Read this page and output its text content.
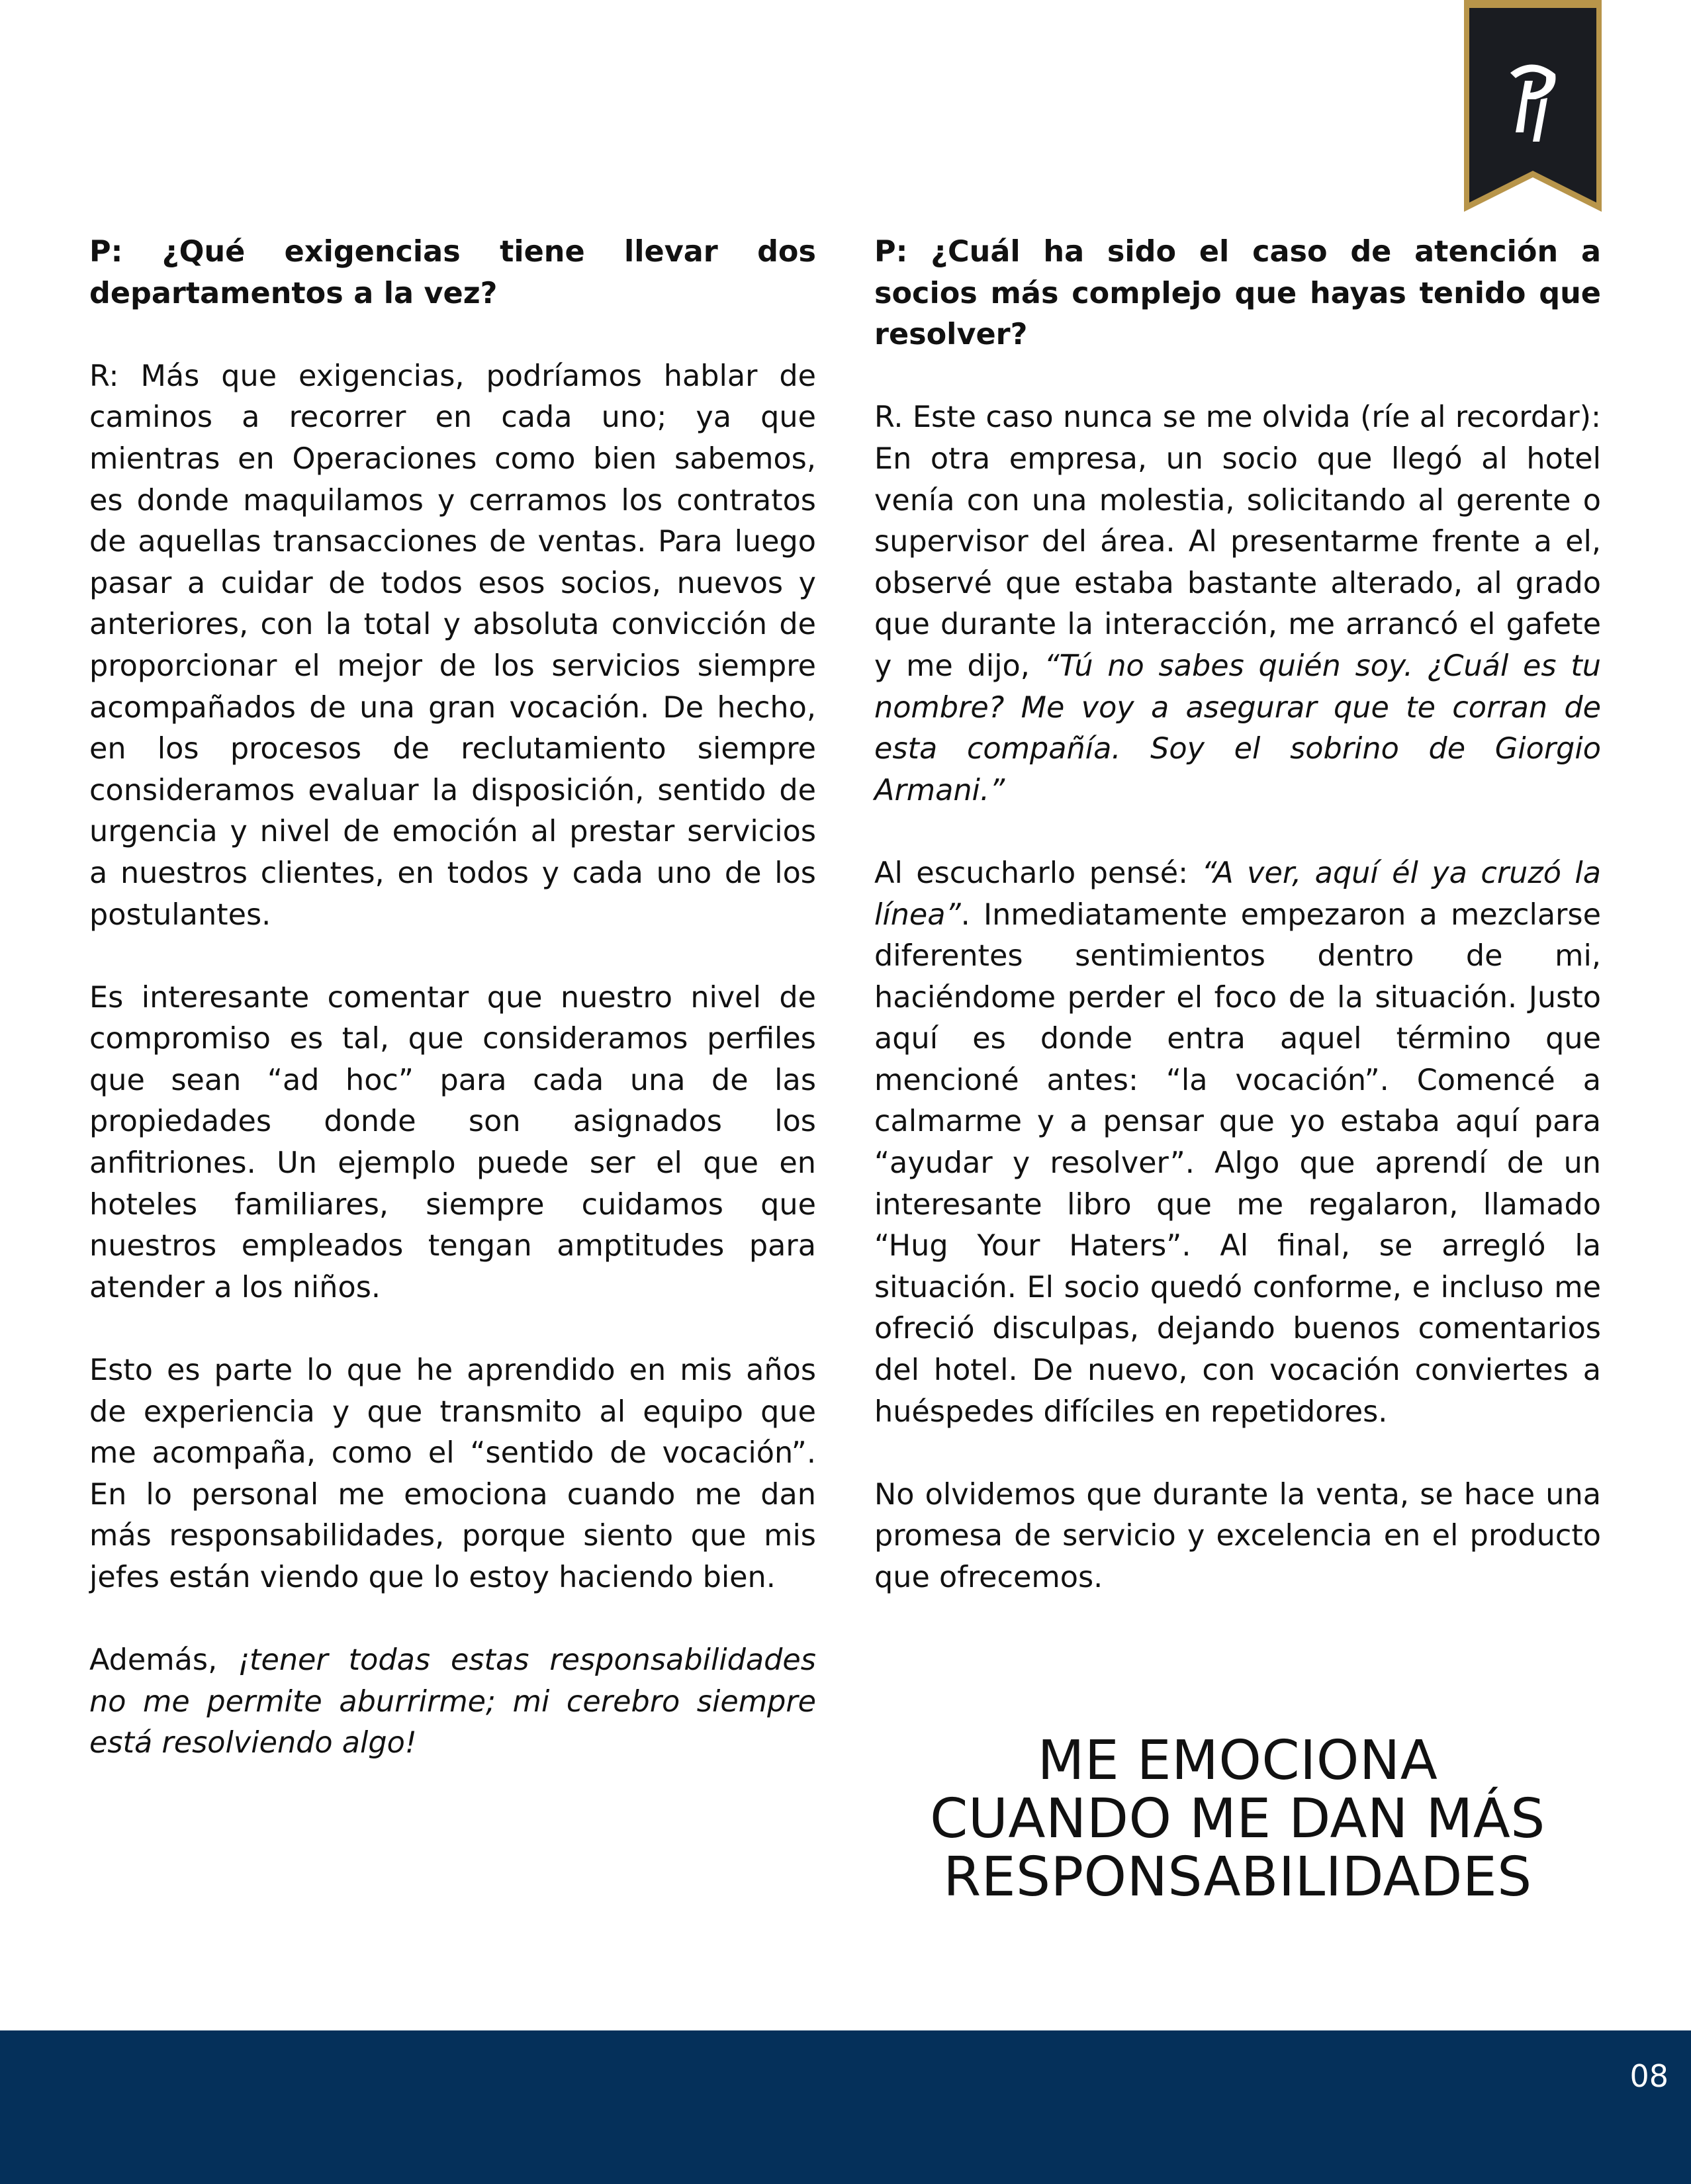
P: ¿Qué exigencias tiene llevar dos departamentos a la vez?

R: Más que exigencias, podríamos hablar de caminos a recorrer en cada uno; ya que mientras en Operaciones como bien sabemos, es donde maquilamos y cerramos los contratos de aquellas transacciones de ventas. Para luego pasar a cuidar de todos esos socios, nuevos y anteriores, con la total y absoluta convicción de proporcionar el mejor de los servicios siempre acompañados de una gran vocación. De hecho, en los procesos de reclutamiento siempre consideramos evaluar la disposición, sentido de urgencia y nivel de emoción al prestar servicios a nuestros clientes, en todos y cada uno de los postulantes.

Es interesante comentar que nuestro nivel de compromiso es tal, que consideramos perfiles que sean “ad hoc” para cada una de las propiedades donde son asignados los anfitriones. Un ejemplo puede ser el que en hoteles familiares, siempre cuidamos que nuestros empleados tengan amptitudes para atender a los niños.

Esto es parte lo que he aprendido en mis años de experiencia y que transmito al equipo que me acompaña, como el “sentido de vocación”. En lo personal me emociona cuando me dan más responsabilidades, porque siento que mis jefes están viendo que lo estoy haciendo bien.

Además, ¡tener todas estas responsabilidades no me permite aburrirme; mi cerebro siempre está resolviendo algo!

P: ¿Cuál ha sido el caso de atención a socios más complejo que hayas tenido que resolver?

R. Este caso nunca se me olvida (ríe al recordar): En otra empresa, un socio que llegó al hotel venía con una molestia, solicitando al gerente o supervisor del área. Al presentarme frente a el, observé que estaba bastante alterado, al grado que durante la interacción, me arrancó el gafete y me dijo, “Tú no sabes quién soy. ¿Cuál es tu nombre? Me voy a asegurar que te corran de esta compañía. Soy el sobrino de Giorgio Armani.”

Al escucharlo pensé: “A ver, aquí él ya cruzó la línea”. Inmediatamente empezaron a mezclarse diferentes sentimientos dentro de mi, haciéndome perder el foco de la situación. Justo aquí es donde entra aquel término que mencioné antes: “la vocación”. Comencé a calmarme y a pensar que yo estaba aquí para “ayudar y resolver”. Algo que aprendí de un interesante libro que me regalaron, llamado “Hug Your Haters”. Al final, se arregló la situación. El socio quedó conforme, e incluso me ofreció disculpas, dejando buenos comentarios del hotel. De nuevo, con vocación conviertes a huéspedes difíciles en repetidores.

No olvidemos que durante la venta, se hace una promesa de servicio y excelencia en el producto que ofrecemos.

ME EMOCIONA
CUANDO ME DAN MÁS
RESPONSABILIDADES
08
